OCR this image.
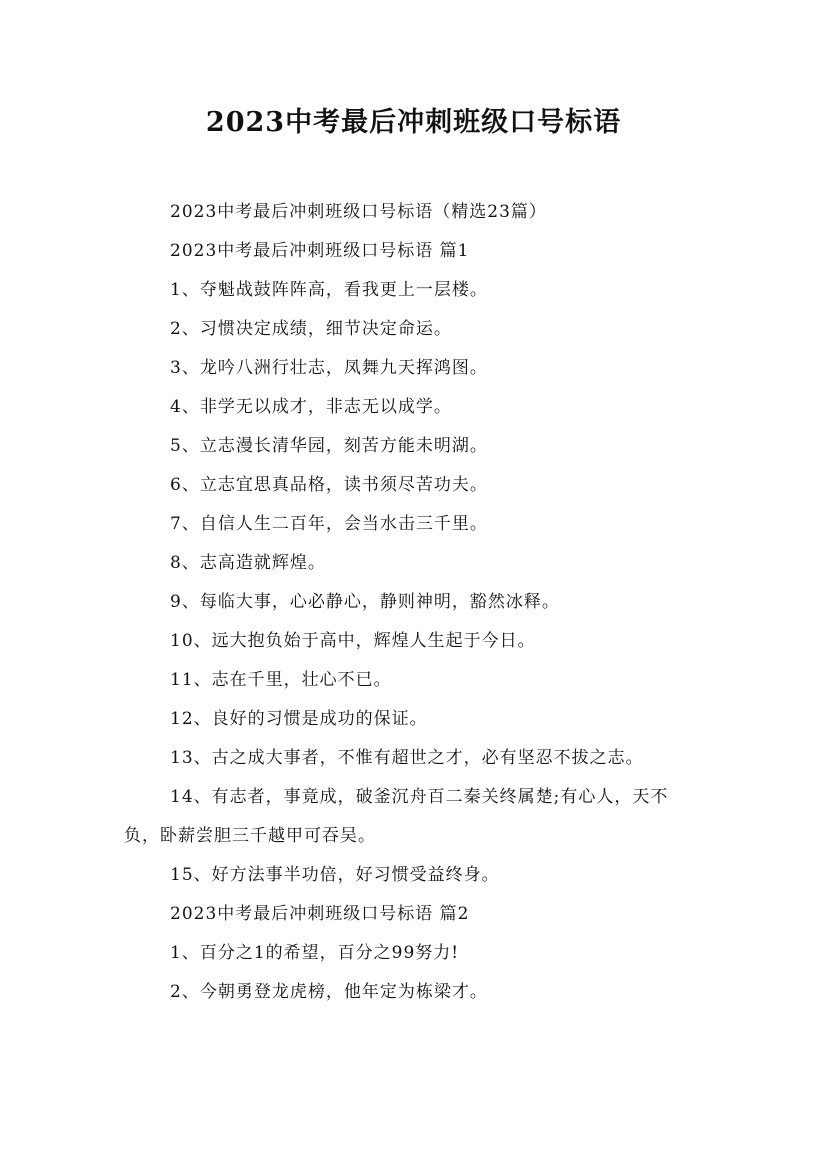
2023中考最后冲刺班级口号标语

2023中考最后冲刺班级口号标语（精选23篇）

2023中考最后冲刺班级口号标语 篇1

1、夺魁战鼓阵阵高，看我更上一层楼。

2、习惯决定成绩，细节决定命运。

3、龙吟八洲行壮志，凤舞九天挥鸿图。

4、非学无以成才，非志无以成学。

5、立志漫长清华园，刻苦方能未明湖。

6、立志宜思真品格，读书须尽苦功夫。

7、自信人生二百年，会当水击三千里。

8、志高造就辉煌。

9、每临大事，心必静心，静则神明，豁然冰释。

10、远大抱负始于高中，辉煌人生起于今日。

11、志在千里，壮心不已。

12、良好的习惯是成功的保证。

13、古之成大事者，不惟有超世之才，必有坚忍不拔之志。

14、有志者，事竟成，破釜沉舟百二秦关终属楚;有心人，天不负，卧薪尝胆三千越甲可吞吴。

15、好方法事半功倍，好习惯受益终身。

2023中考最后冲刺班级口号标语 篇2

1、百分之1的希望，百分之99努力!

2、今朝勇登龙虎榜，他年定为栋梁才。
